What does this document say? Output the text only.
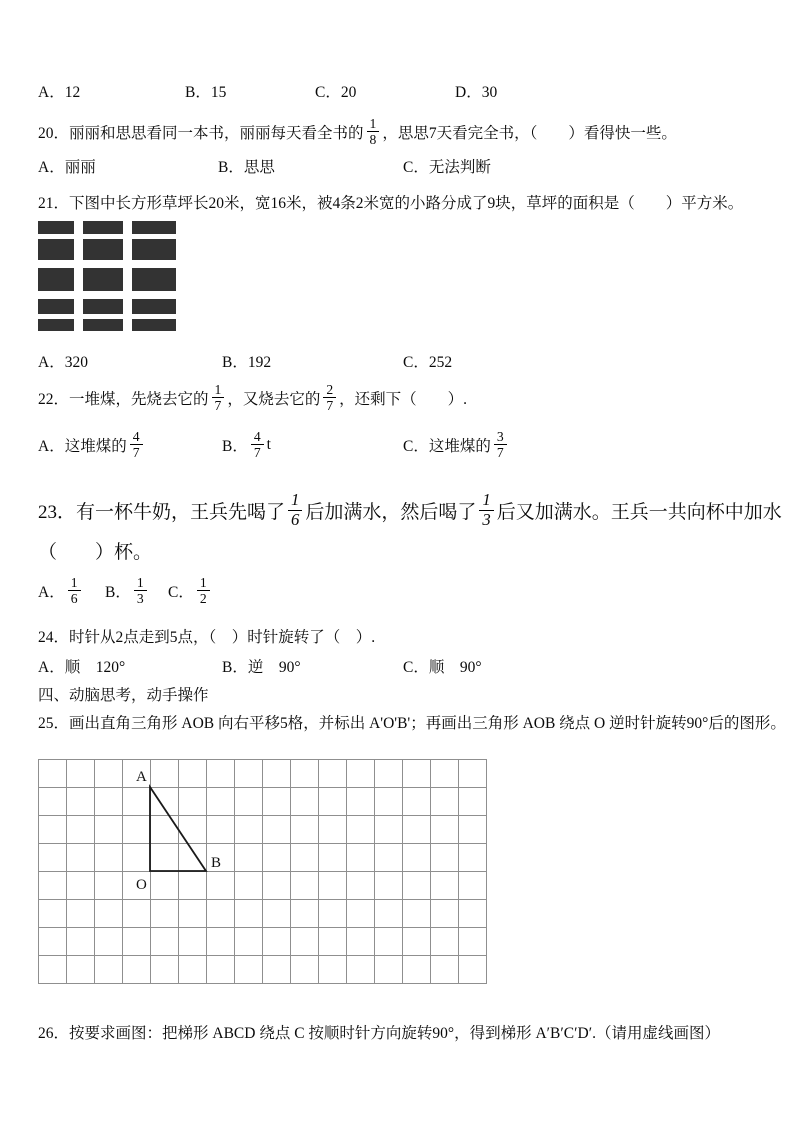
A．12	B．15	C．20	D．30
20．丽丽和思思看同一本书，丽丽每天看全书的 $\frac{1}{8}$ ，思思7天看完全书，（　　）看得快一些。
A．丽丽	B．思思	C．无法判断
21．下图中长方形草坪长20米，宽16米，被4条2米宽的小路分成了9块，草坪的面积是（　　）平方米。
A．320	B．192	C．252
22．一堆煤，先烧去它的 $\frac{1}{7}$ ，又烧去它的 $\frac{2}{7}$ ，还剩下（　　）.
A．这堆煤的 $\frac{4}{7}$	B． $\frac{4}{7}$ t	C．这堆煤的 $\frac{3}{7}$
23．有一杯牛奶，王兵先喝了 $\frac{1}{6}$ 后加满水，然后喝了 $\frac{1}{3}$ 后又加满水。王兵一共向杯中加水
（　　）杯。
A． $\frac{1}{6}$ B． $\frac{1}{3}$ C． $\frac{1}{2}$
24．时针从2点走到5点，（　）时针旋转了（　）.
A．顺　120°	B．逆　90°	C．顺　90°
四、动脑思考，动手操作
25．画出直角三角形 AOB 向右平移5格，并标出 A'O'B'；再画出三角形 AOB 绕点 O 逆时针旋转90°后的图形。
A
O
B
26．按要求画图：把梯形 ABCD 绕点 C 按顺时针方向旋转90°，得到梯形 A′B′C′D′.（请用虚线画图）
